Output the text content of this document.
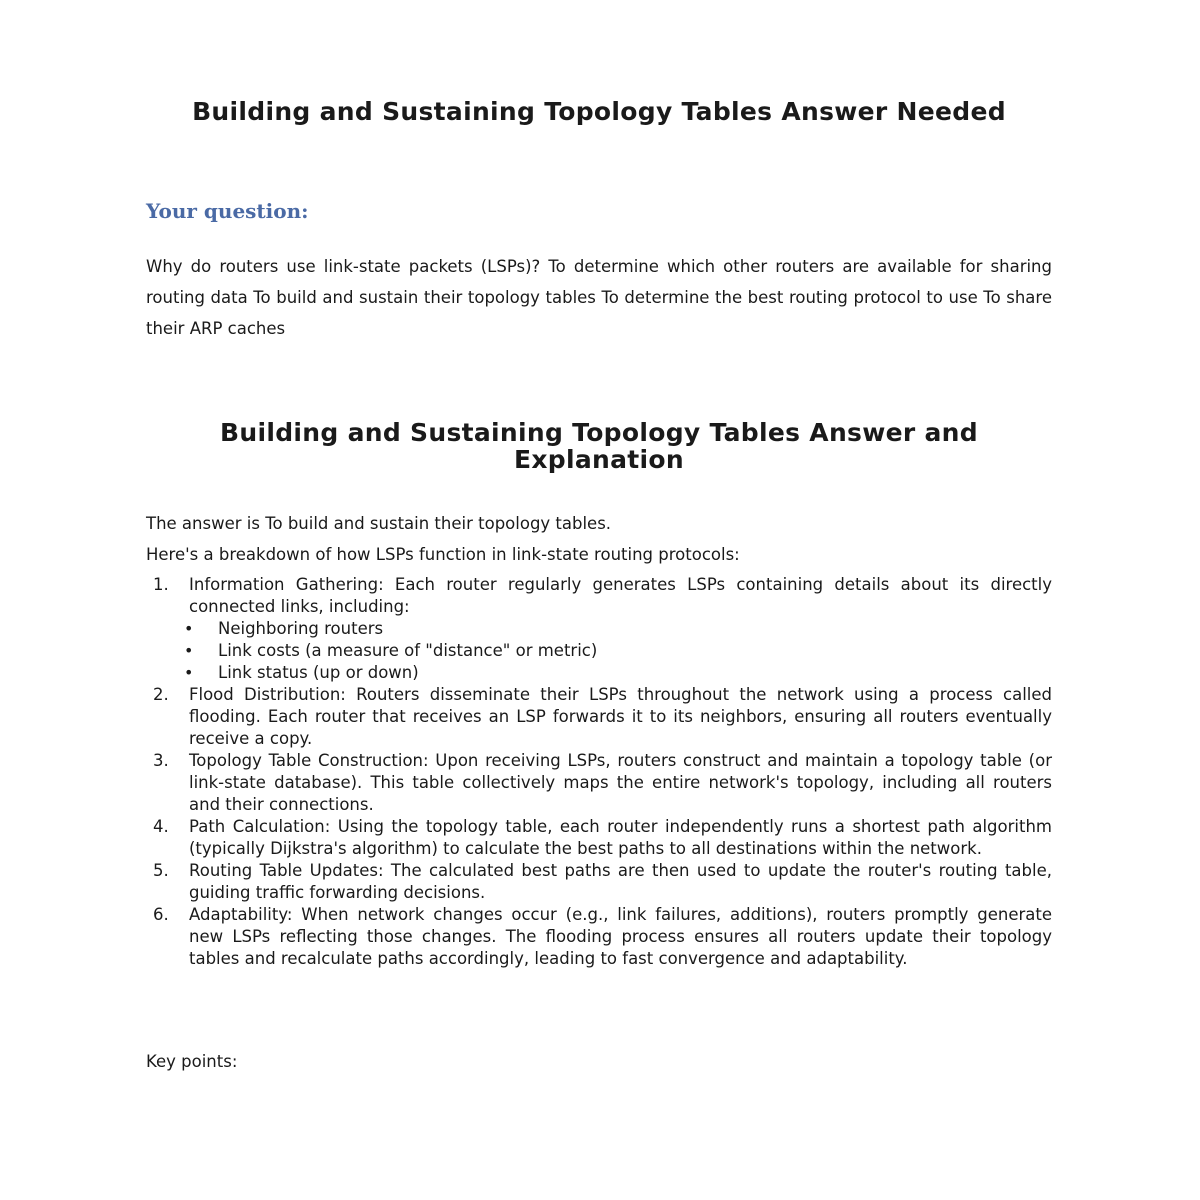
Building and Sustaining Topology Tables Answer Needed
Your question:

Why do routers use link-state packets (LSPs)? To determine which other routers are available for sharing routing data To build and sustain their topology tables To determine the best routing protocol to use To share their ARP caches

Building and Sustaining Topology Tables Answer and Explanation

The answer is To build and sustain their topology tables.

Here's a breakdown of how LSPs function in link-state routing protocols:

1. Information Gathering: Each router regularly generates LSPs containing details about its directly connected links, including:
• Neighboring routers
• Link costs (a measure of "distance" or metric)
• Link status (up or down)
2. Flood Distribution: Routers disseminate their LSPs throughout the network using a process called flooding. Each router that receives an LSP forwards it to its neighbors, ensuring all routers eventually receive a copy.
3. Topology Table Construction: Upon receiving LSPs, routers construct and maintain a topology table (or link-state database). This table collectively maps the entire network's topology, including all routers and their connections.
4. Path Calculation: Using the topology table, each router independently runs a shortest path algorithm (typically Dijkstra's algorithm) to calculate the best paths to all destinations within the network.
5. Routing Table Updates: The calculated best paths are then used to update the router's routing table, guiding traffic forwarding decisions.
6. Adaptability: When network changes occur (e.g., link failures, additions), routers promptly generate new LSPs reflecting those changes. The flooding process ensures all routers update their topology tables and recalculate paths accordingly, leading to fast convergence and adaptability.

Key points:
